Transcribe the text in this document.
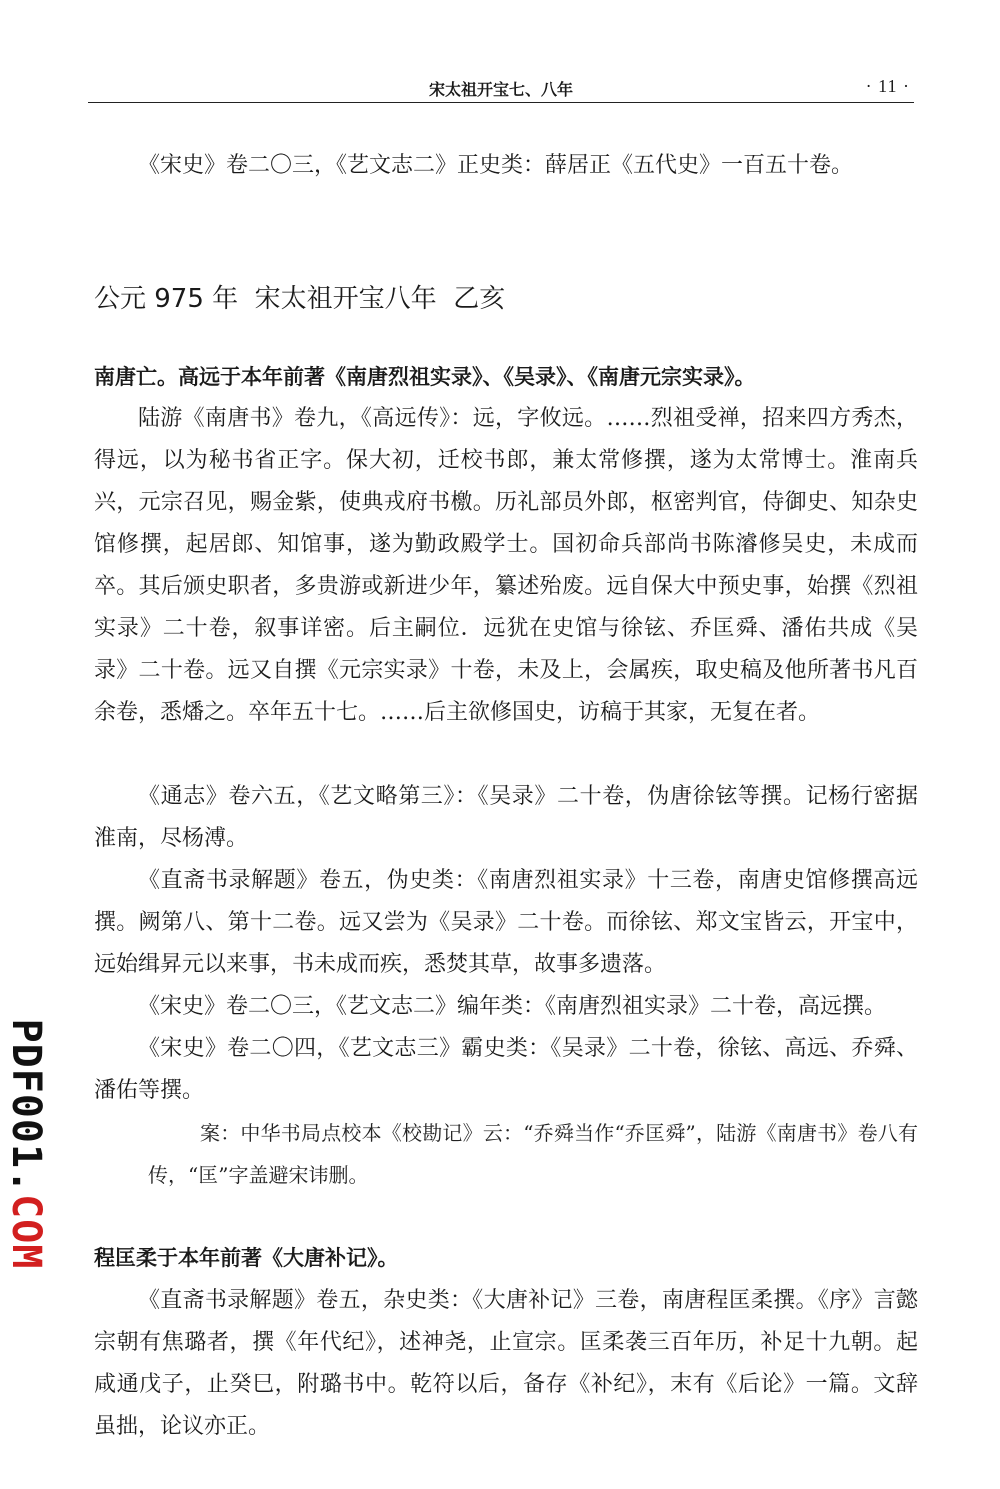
宋太祖开宝七、八年	· 11 ·

《宋史》卷二〇三，《艺文志二》正史类：薛居正《五代史》一百五十卷。

公元 975 年  宋太祖开宝八年  乙亥
南唐亡。高远于本年前著《南唐烈祖实录》、《吴录》、《南唐元宗实录》。

陆游《南唐书》卷九，《高远传》：远，字攸远。……烈祖受禅，招来四方秀杰，得远，以为秘书省正字。保大初，迁校书郎，兼太常修撰，遂为太常博士。淮南兵兴，元宗召见，赐金紫，使典戎府书檄。历礼部员外郎，枢密判官，侍御史、知杂史馆修撰，起居郎、知馆事，遂为勤政殿学士。国初命兵部尚书陈濬修吴史，未成而卒。其后颁史职者，多贵游或新进少年，纂述殆废。远自保大中预史事，始撰《烈祖实录》二十卷，叙事详密。后主嗣位．远犹在史馆与徐铉、乔匡舜、潘佑共成《吴录》二十卷。远又自撰《元宗实录》十卷，未及上，会属疾，取史稿及他所著书凡百余卷，悉燔之。卒年五十七。……后主欲修国史，访稿于其家，无复在者。

《通志》卷六五，《艺文略第三》：《吴录》二十卷，伪唐徐铉等撰。记杨行密据淮南，尽杨溥。

《直斋书录解题》卷五，伪史类：《南唐烈祖实录》十三卷，南唐史馆修撰高远撰。阙第八、第十二卷。远又尝为《吴录》二十卷。而徐铉、郑文宝皆云，开宝中，远始缉昇元以来事，书未成而疾，悉焚其草，故事多遗落。

《宋史》卷二〇三，《艺文志二》编年类：《南唐烈祖实录》二十卷，高远撰。

《宋史》卷二〇四，《艺文志三》霸史类：《吴录》二十卷，徐铉、高远、乔舜、潘佑等撰。

案：中华书局点校本《校勘记》云：“乔舜当作“乔匡舜”，陆游《南唐书》卷八有传，“匡”字盖避宋讳删。

程匡柔于本年前著《大唐补记》。

《直斋书录解题》卷五，杂史类：《大唐补记》三卷，南唐程匡柔撰。《序》言懿宗朝有焦璐者，撰《年代纪》，述神尧，止宣宗。匡柔袭三百年历，补足十九朝。起咸通戊子，止癸巳，附璐书中。乾符以后，备存《补纪》，末有《后论》一篇。文辞虽拙，论议亦正。

PDF001.COM
